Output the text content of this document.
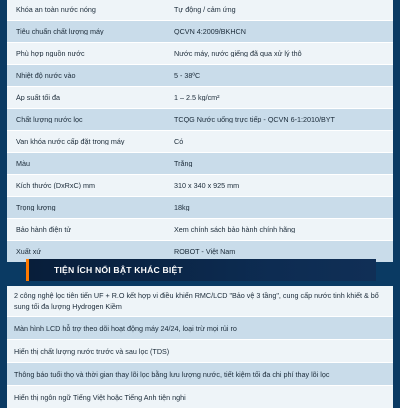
Khóa an toàn nước nóng	Tự động / cảm ứng
Tiêu chuẩn chất lượng máy	QCVN 4:2009/BKHCN
Phù hợp nguồn nước	Nước máy, nước giếng đã qua xử lý thô
Nhiệt độ nước vào	5 - 38ºC
Áp suất tối đa	1 – 2.5 kg/cm²
Chất lượng nước lọc	TCQG Nước uống trực tiếp - QCVN 6-1:2010/BYT
Van khóa nước cấp đặt trong máy	Có
Màu	Trắng
Kích thước (DxRxC) mm	310 x 340 x 925 mm
Trọng lượng	18kg
Bảo hành điện tử	Xem chính sách bảo hành chính hãng
Xuất xứ	ROBOT - Việt Nam
TIỆN ÍCH NỔI BẬT KHÁC BIỆT
2 công nghệ lọc tiên tiến UF + R.O kết hợp vi điều khiển RMC/LCD "Bảo vệ 3 tầng", cung cấp nước tinh khiết & bổ sung tối đa lượng Hydrogen Kiềm
Màn hình LCD hỗ trợ theo dõi hoạt động máy 24/24, loại trừ mọi rủi ro
Hiển thị chất lượng nước trước và sau lọc (TDS)
Thông báo tuổi thọ và thời gian thay lõi lọc bằng lưu lượng nước, tiết kiệm tối đa chi phí thay lõi lọc
Hiển thị ngôn ngữ Tiếng Việt hoặc Tiếng Anh tiện nghi
